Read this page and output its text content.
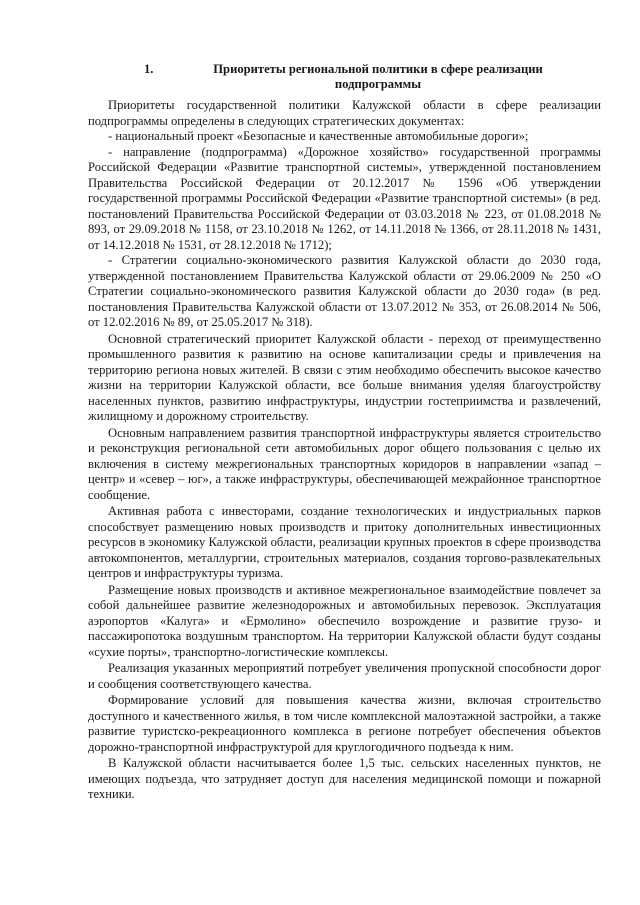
1.	Приоритеты региональной политики в сфере реализации подпрограммы

Приоритеты государственной политики Калужской области в сфере реализации подпрограммы определены в следующих стратегических документах:

- национальный проект «Безопасные и качественные автомобильные дороги»;

- направление (подпрограмма) «Дорожное хозяйство» государственной программы Российской Федерации «Развитие транспортной системы», утвержденной постановлением Правительства Российской Федерации от 20.12.2017 № 1596 «Об утверждении государственной программы Российской Федерации «Развитие транспортной системы» (в ред. постановлений Правительства Российской Федерации от 03.03.2018 № 223, от 01.08.2018 № 893, от 29.09.2018 № 1158, от 23.10.2018 № 1262, от 14.11.2018 № 1366, от 28.11.2018 № 1431, от 14.12.2018 № 1531, от 28.12.2018 № 1712);

- Стратегии социально-экономического развития Калужской области до 2030 года, утвержденной постановлением Правительства Калужской области от 29.06.2009 № 250 «О Стратегии социально-экономического развития Калужской области до 2030 года» (в ред. постановления Правительства Калужской области от 13.07.2012 № 353, от 26.08.2014 № 506, от 12.02.2016 № 89, от 25.05.2017 № 318).

Основной стратегический приоритет Калужской области - переход от преимущественно промышленного развития к развитию на основе капитализации среды и привлечения на территорию региона новых жителей. В связи с этим необходимо обеспечить высокое качество жизни на территории Калужской области, все больше внимания уделяя благоустройству населенных пунктов, развитию инфраструктуры, индустрии гостеприимства и развлечений, жилищному и дорожному строительству.

Основным направлением развития транспортной инфраструктуры является строительство и реконструкция региональной сети автомобильных дорог общего пользования с целью их включения в систему межрегиональных транспортных коридоров в направлении «запад – центр» и «север – юг», а также инфраструктуры, обеспечивающей межрайонное транспортное сообщение.

Активная работа с инвесторами, создание технологических и индустриальных парков способствует размещению новых производств и притоку дополнительных инвестиционных ресурсов в экономику Калужской области, реализации крупных проектов в сфере производства автокомпонентов, металлургии, строительных материалов, создания торгово-развлекательных центров и инфраструктуры туризма.

Размещение новых производств и активное межрегиональное взаимодействие повлечет за собой дальнейшее развитие железнодорожных и автомобильных перевозок. Эксплуатация аэропортов «Калуга» и «Ермолино» обеспечило возрождение и развитие грузо- и пассажиропотока воздушным транспортом. На территории Калужской области будут созданы «сухие порты», транспортно-логистические комплексы.

Реализация указанных мероприятий потребует увеличения пропускной способности дорог и сообщения соответствующего качества.

Формирование условий для повышения качества жизни, включая строительство доступного и качественного жилья, в том числе комплексной малоэтажной застройки, а также развитие туристско-рекреационного комплекса в регионе потребует обеспечения объектов дорожно-транспортной инфраструктурой для круглогодичного подъезда к ним.

В Калужской области насчитывается более 1,5 тыс. сельских населенных пунктов, не имеющих подъезда, что затрудняет доступ для населения медицинской помощи и пожарной техники.
